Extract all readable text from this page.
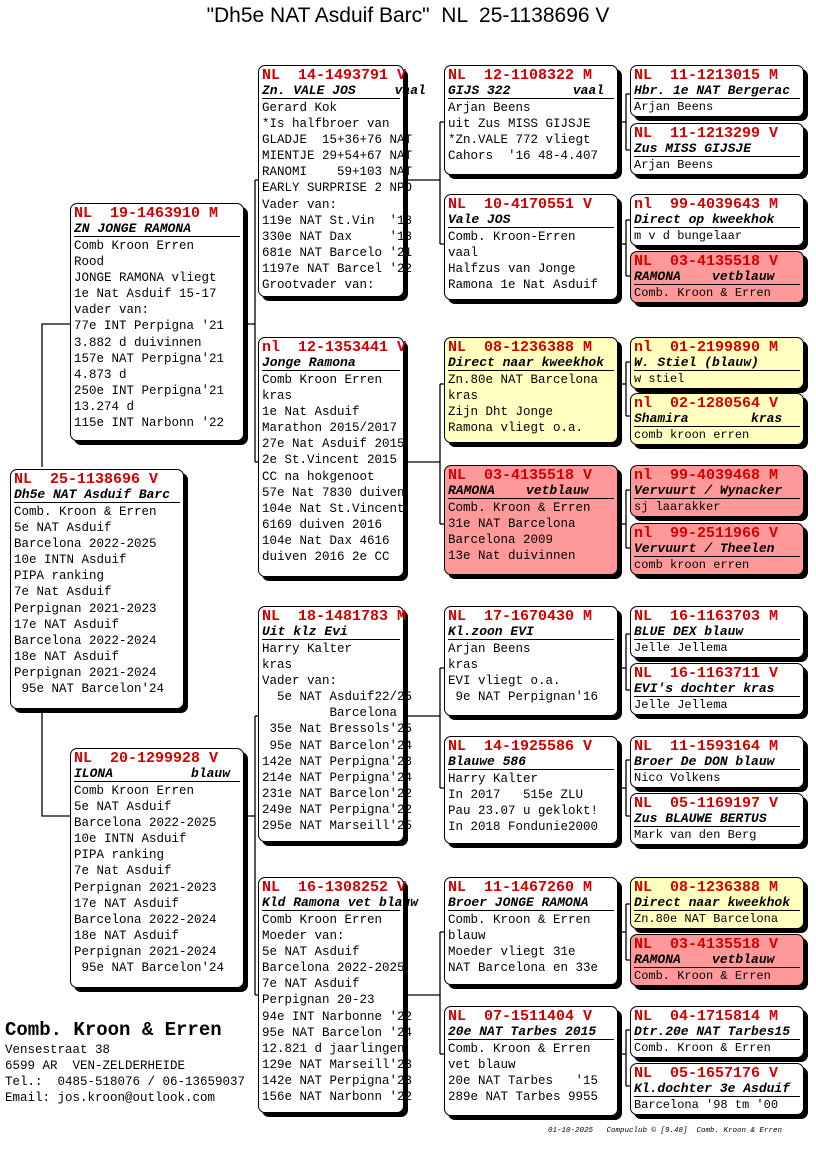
"Dh5e NAT Asduif Barc"  NL  25-1138696 V
NL  25-1138696 V
Dh5e NAT Asduif Barc
Comb. Kroon & Erren
5e NAT Asduif
Barcelona 2022-2025
10e INTN Asduif
PIPA ranking
7e Nat Asduif
Perpignan 2021-2023
17e NAT Asduif
Barcelona 2022-2024
18e NAT Asduif
Perpignan 2021-2024
95e NAT Barcelon'24
NL  19-1463910 M
ZN JONGE RAMONA
Comb Kroon Erren
Rood
JONGE RAMONA vliegt
1e Nat Asduif 15-17
vader van:
77e INT Perpigna '21
3.882 d duivinnen
157e NAT Perpigna'21
4.873 d
250e INT Perpigna'21
13.274 d
115e INT Narbonn '22
NL  20-1299928 V
ILONA          blauw
Comb Kroon Erren
5e NAT Asduif
Barcelona 2022-2025
10e INTN Asduif
PIPA ranking
7e Nat Asduif
Perpignan 2021-2023
17e NAT Asduif
Barcelona 2022-2024
18e NAT Asduif
Perpignan 2021-2024
95e NAT Barcelon'24
NL  14-1493791 V
Zn. VALE JOS     vaal
Gerard Kok
*Is halfbroer van
GLADJE  15+36+76 NAT
MIENTJE 29+54+67 NAT
RANOMI    59+103 NAT
EARLY SURPRISE 2 NPO
Vader van:
119e NAT St.Vin  '18
330e NAT Dax     '18
681e NAT Barcelo '21
1197e NAT Barcel '22
Grootvader van:
nl  12-1353441 V
Jonge Ramona
Comb Kroon Erren
kras
1e Nat Asduif
Marathon 2015/2017
27e Nat Asduif 2015
2e St.Vincent 2015
CC na hokgenoot
57e Nat 7830 duiven
104e Nat St.Vincent
6169 duiven 2016
104e Nat Dax 4616
duiven 2016 2e CC
NL  18-1481783 M
Uit klz Evi
Harry Kalter
kras
Vader van:
5e NAT Asduif22/25
Barcelona
35e Nat Bressols'25
95e NAT Barcelon'24
142e NAT Perpigna'23
214e NAT Perpigna'24
231e NAT Barcelon'22
249e NAT Perpigna'22
295e NAT Marseill'25
NL  16-1308252 V
Kld Ramona vet blauw
Comb Kroon Erren
Moeder van:
5e NAT Asduif
Barcelona 2022-2025
7e NAT Asduif
Perpignan 20-23
94e INT Narbonne '22
95e NAT Barcelon '24
12.821 d jaarlingen
129e NAT Marseill'23
142e NAT Perpigna'23
156e NAT Narbonn '22
NL  12-1108322 M
GIJS 322        vaal
Arjan Beens
uit Zus MISS GIJSJE
*Zn.VALE 772 vliegt
Cahors  '16 48-4.407
NL  10-4170551 V
Vale JOS
Comb. Kroon-Erren
vaal
Halfzus van Jonge
Ramona 1e Nat Asduif
NL  08-1236388 M
Direct naar kweekhok
Zn.80e NAT Barcelona
kras
Zijn Dht Jonge
Ramona vliegt o.a.
NL  03-4135518 V
RAMONA    vetblauw
Comb. Kroon & Erren
31e NAT Barcelona
Barcelona 2009
13e Nat duivinnen
NL  17-1670430 M
Kl.zoon EVI
Arjan Beens
kras
EVI vliegt o.a.
9e NAT Perpignan'16
NL  14-1925586 V
Blauwe 586
Harry Kalter
In 2017   515e ZLU
Pau 23.07 u geklokt!
In 2018 Fondunie2000
NL  11-1467260 M
Broer JONGE RAMONA
Comb. Kroon & Erren
blauw
Moeder vliegt 31e
NAT Barcelona en 33e
NL  07-1511404 V
20e NAT Tarbes 2015
Comb. Kroon & Erren
vet blauw
20e NAT Tarbes   '15
289e NAT Tarbes 9955
NL  11-1213015 M
Hbr. 1e NAT Bergerac
Arjan Beens
NL  11-1213299 V
Zus MISS GIJSJE
Arjan Beens
nl  99-4039643 M
Direct op kweekhok
m v d bungelaar
NL  03-4135518 V
RAMONA    vetblauw
Comb. Kroon & Erren
nl  01-2199890 M
W. Stiel (blauw)
w stiel
nl  02-1280564 V
Shamira        kras
comb kroon erren
nl  99-4039468 M
Vervuurt / Wynacker
sj laarakker
nl  99-2511966 V
Vervuurt / Theelen
comb kroon erren
NL  16-1163703 M
BLUE DEX blauw
Jelle Jellema
NL  16-1163711 V
EVI's dochter kras
Jelle Jellema
NL  11-1593164 M
Broer De DON blauw
Nico Volkens
NL  05-1169197 V
Zus BLAUWE BERTUS
Mark van den Berg
NL  08-1236388 M
Direct naar kweekhok
Zn.80e NAT Barcelona
NL  03-4135518 V
RAMONA    vetblauw
Comb. Kroon & Erren
NL  04-1715814 M
Dtr.20e NAT Tarbes15
Comb. Kroon & Erren
NL  05-1657176 V
Kl.dochter 3e Asduif
Barcelona '98 tm '00
Comb. Kroon & Erren
Vensestraat 38
6599 AR  VEN-ZELDERHEIDE
Tel.:  0485-518076 / 06-13659037
Email: jos.kroon@outlook.com
01-10-2025   Compuclub © [9.48]  Comb. Kroon & Erren
